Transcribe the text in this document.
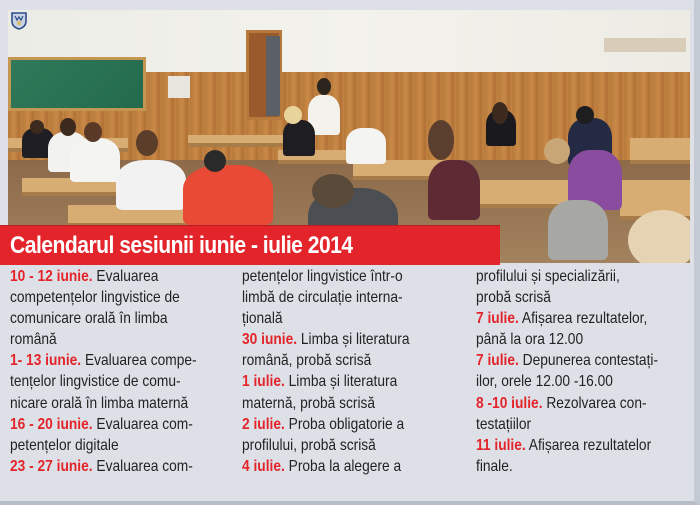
Calendarul sesiunii iunie - iulie 2014
10 - 12 iunie. Evaluarea
competențelor lingvistice de
comunicare orală în limba
română
1- 13 iunie. Evaluarea compe-
tențelor lingvistice de comu-
nicare orală în limba maternă
16 - 20 iunie. Evaluarea com-
petențelor digitale
23 - 27 iunie. Evaluarea com-
petențelor lingvistice într-o
limbă de circulație interna-
țională
30 iunie. Limba și literatura
română, probă scrisă
1 iulie. Limba și literatura
maternă, probă scrisă
2 iulie. Proba obligatorie a
profilului, probă scrisă
4 iulie. Proba la alegere a
profilului și specializării,
probă scrisă
7 iulie. Afișarea rezultatelor,
până la ora 12.00
7 iulie. Depunerea contestați-
ilor, orele 12.00 -16.00
8 -10 iulie. Rezolvarea con-
testațiilor
11 iulie. Afișarea rezultatelor
finale.
